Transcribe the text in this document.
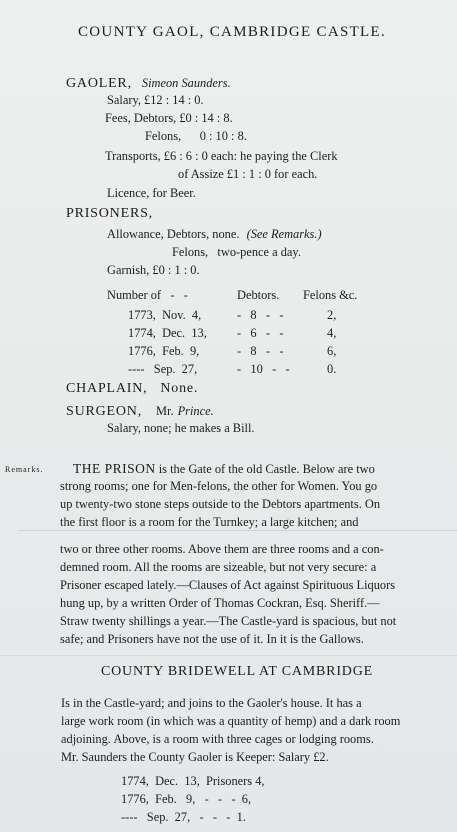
COUNTY GAOL, CAMBRIDGE CASTLE.
GAOLER, Simeon Saunders.
Salary, £12 : 14 : 0.
Fees, Debtors, £0 : 14 : 8.
Felons,      0 : 10 : 8.
Transports, £6 : 6 : 0 each: he paying the Clerk
of Assize £1 : 1 : 0 for each.
Licence, for Beer.
PRISONERS,
Allowance, Debtors, none. (See Remarks.)
Felons,   two-pence a day.
Garnish, £0 : 1 : 0.
Number of   -   -	Debtors. Felons &c.
1773,  Nov.  4,	-   8   -   -	2,
1774,  Dec.  13, -   6   -   -	4,
1776,  Feb.  9,	-   8   -   -	6,
----   Sep.  27,	-   10   -   -	0.
CHAPLAIN,   None.
SURGEON, Mr. Prince.
Salary, none; he makes a Bill.
Remarks. THE PRISON is the Gate of the old Castle. Below are two
strong rooms; one for Men-felons, the other for Women. You go
up twenty-two stone steps outside to the Debtors apartments. On
the first floor is a room for the Turnkey; a large kitchen; and
two or three other rooms. Above them are three rooms and a con-
demned room. All the rooms are sizeable, but not very secure: a
Prisoner escaped lately.—Clauses of Act against Spirituous Liquors
hung up, by a written Order of Thomas Cockran, Esq. Sheriff.—
Straw twenty shillings a year.—The Castle-yard is spacious, but not
safe; and Prisoners have not the use of it. In it is the Gallows.
COUNTY BRIDEWELL AT CAMBRIDGE
Is in the Castle-yard; and joins to the Gaoler's house. It has a
large work room (in which was a quantity of hemp) and a dark room
adjoining. Above, is a room with three cages or lodging rooms.
Mr. Saunders the County Gaoler is Keeper: Salary £2.
1774,  Dec.  13,  Prisoners 4,
1776,  Feb.   9,   -   -   -  6,
----   Sep.  27,   -   -   -  1.
